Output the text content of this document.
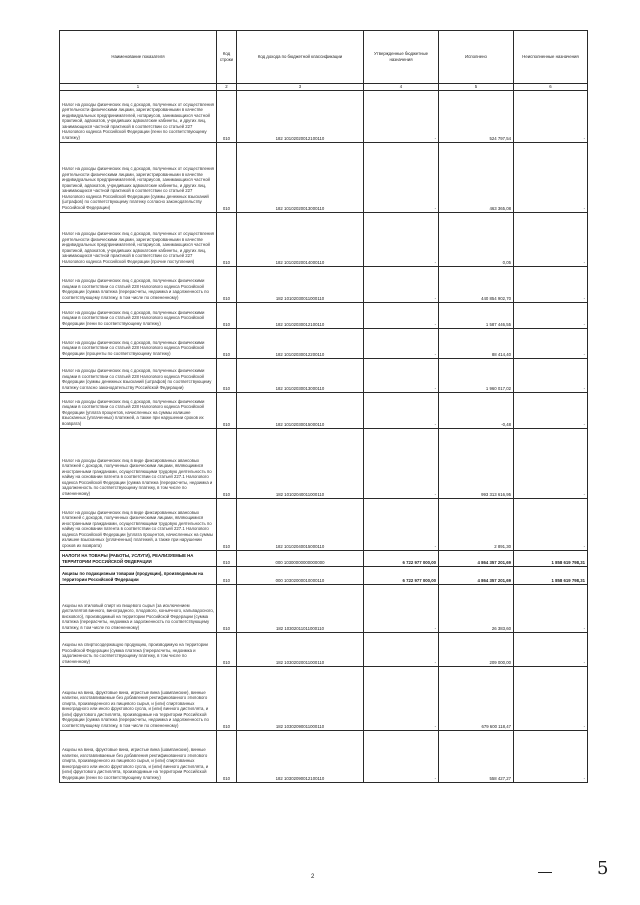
Наименование показателя	Код строки	Код дохода по бюджетной классификации	Утвержденные бюджетные назначения	Исполнено	Неисполненные назначения
1	2	3	4	5	6
Налог на доходы физических лиц с доходов, полученных от осуществления деятельности физическими лицами, зарегистрированными в качестве индивидуальных предпринимателей, нотариусов, занимающихся частной практикой, адвокатов, учредивших адвокатские кабинеты, и других лиц, занимающихся частной практикой в соответствии со статьей 227 Налогового кодекса Российской Федерации (пени по соответствующему платежу)	010	182 10102020012100110	-	524 797,54	-
Налог на доходы физических лиц с доходов, полученных от осуществления деятельности физическими лицами, зарегистрированными в качестве индивидуальных предпринимателей, нотариусов, занимающихся частной практикой, адвокатов, учредивших адвокатские кабинеты, и других лиц, занимающихся частной практикой в соответствии со статьей 227 Налогового кодекса Российской Федерации (суммы денежных взысканий (штрафов) по соответствующему платежу согласно законодательству Российской Федерации)	010	182 10102020013000110	-	463 365,08	-
Налог на доходы физических лиц с доходов, полученных от осуществления деятельности физическими лицами, зарегистрированными в качестве индивидуальных предпринимателей, нотариусов, занимающихся частной практикой, адвокатов, учредивших адвокатские кабинеты, и других лиц, занимающихся частной практикой в соответствии со статьей 227 Налогового кодекса Российской Федерации (прочие поступления)	010	182 10102020014000110	-	0,05	-
Налог на доходы физических лиц с доходов, полученных физическими лицами в соответствии со статьей 228 Налогового кодекса Российской Федерации (сумма платежа (перерасчеты, недоимка и задолженность по соответствующему платежу, в том числе по отмененному)	010	182 10102030011000110	-	440 854 902,70	-
Налог на доходы физических лиц с доходов, полученных физическими лицами в соответствии со статьей 228 Налогового кодекса Российской Федерации (пени по соответствующему платежу)	010	182 10102030012100110	-	1 587 446,55	-
Налог на доходы физических лиц с доходов, полученных физическими лицами в соответствии со статьей 228 Налогового кодекса Российской Федерации (проценты по соответствующему платежу)	010	182 10102030012200110	-	88 414,40	-
Налог на доходы физических лиц с доходов, полученных физическими лицами в соответствии со статьей 228 Налогового кодекса Российской Федерации (суммы денежных взысканий (штрафов) по соответствующему платежу согласно законодательству Российской Федерации)	010	182 10102030013000110	-	1 960 017,02	-
Налог на доходы физических лиц с доходов, полученных физическими лицами в соответствии со статьей 228 Налогового кодекса Российской Федерации (уплата процентов, начисленных на суммы излишне взысканных (уплаченных) платежей, а также при нарушении сроков их возврата)	010	182 10102030015000110	-	-0,48	-
Налог на доходы физических лиц в виде фиксированных авансовых платежей с доходов, полученных физическими лицами, являющимися иностранными гражданами, осуществляющими трудовую деятельность по найму на основании патента в соответствии со статьей 227.1 Налогового кодекса Российской Федерации (сумма платежа (перерасчеты, недоимка и задолженность по соответствующему платежу, в том числе по отмененному)	010	182 10102040011000110	-	993 313 616,95	-
Налог на доходы физических лиц в виде фиксированных авансовых платежей с доходов, полученных физическими лицами, являющимися иностранными гражданами, осуществляющими трудовую деятельность по найму на основании патента в соответствии со статьей 227.1 Налогового кодекса Российской Федерации (уплата процентов, начисленных на суммы излишне взысканных (уплаченных) платежей, а также при нарушении сроков их возврата)	010	182 10102040015000110	-	2 891,30	-
НАЛОГИ НА ТОВАРЫ (РАБОТЫ, УСЛУГИ), РЕАЛИЗУЕМЫЕ НА ТЕРРИТОРИИ РОССИЙСКОЙ ФЕДЕРАЦИИ	010	000 10300000000000000	6 722 977 000,00	4 864 357 201,69	1 858 619 798,31
Акцизы по подакцизным товарам (продукции), производимым на территории Российской Федерации	010	000 10302000010000110	6 722 977 000,00	4 864 357 201,69	1 858 619 798,31
Акцизы на этиловый спирт из пищевого сырья (за исключением дистиллятов винного, виноградного, плодового, коньячного, кальвадосного, вискового), производимый на территории Российской Федерации (сумма платежа (перерасчеты, недоимка и задолженность по соответствующему платежу, в том числе по отмененному)	010	182 10302011011000110	-	26 383,60	-
Акцизы на спиртосодержащую продукцию, производимую на территории Российской Федерации (сумма платежа (перерасчеты, недоимка и задолженность по соответствующему платежу, в том числе по отмененному)	010	182 10302020011000110	-	209 000,00	-
Акцизы на вина, фруктовые вина, игристые вина (шампанские), винные напитки, изготавливаемые без добавления ректификованного этилового спирта, произведенного из пищевого сырья, и (или) спиртованных виноградного или иного фруктового сусла, и (или) винного дистиллята, и (или) фруктового дистиллята, производимые на территории Российской Федерации (сумма платежа (перерасчеты, недоимка и задолженность по соответствующему платежу, в том числе по отмененному)	010	182 10302090011000110	-	679 600 118,47	-
Акцизы на вина, фруктовые вина, игристые вина (шампанские), винные напитки, изготавливаемые без добавления ректификованного этилового спирта, произведенного из пищевого сырья, и (или) спиртованных виноградного или иного фруктового сусла, и (или) винного дистиллята, и (или) фруктового дистиллята, производимые на территории Российской Федерации (пени по соответствующему платежу)	010	182 10302090012100110	-	558 427,27	-
2	5
